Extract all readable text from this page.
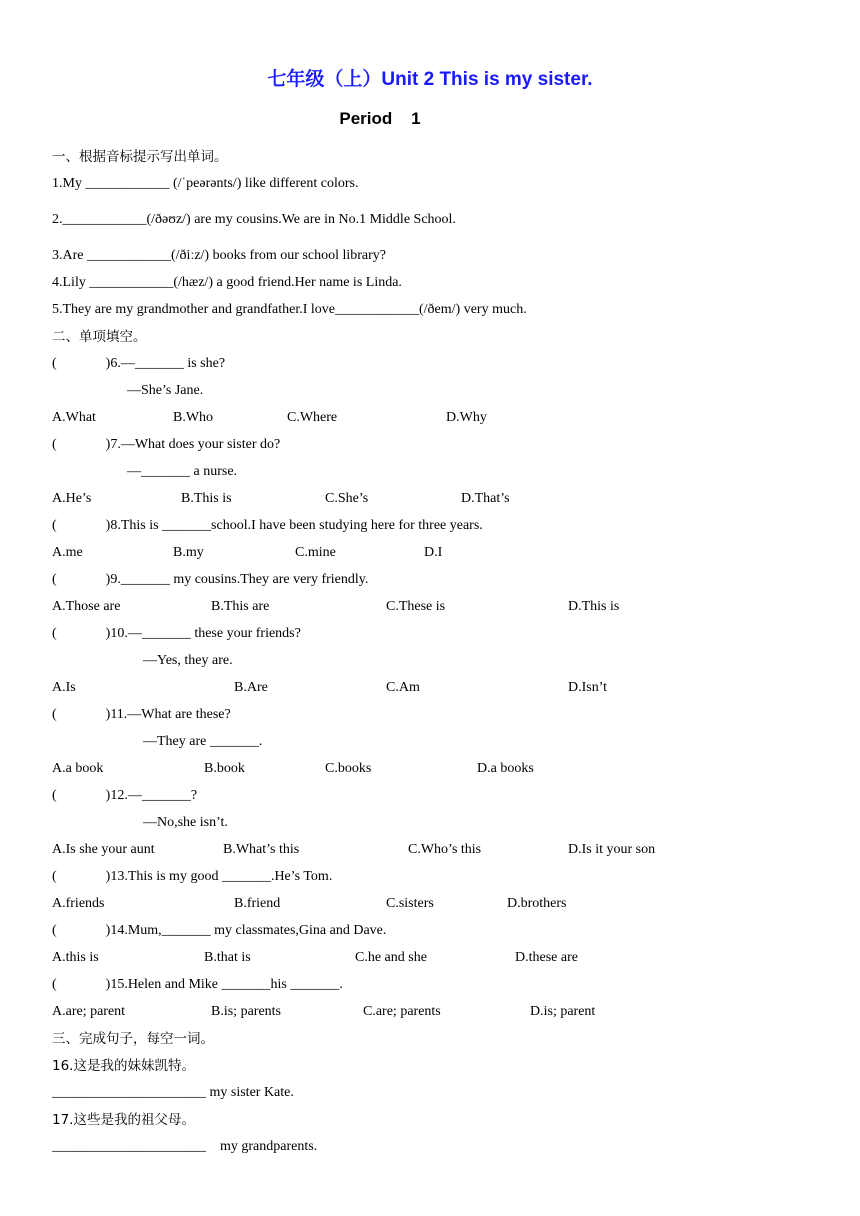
七年级（上）Unit 2 This is my sister.
Period    1
一、根据音标提示写出单词。
1.My ____________ (/ˈpeərənts/) like different colors.
2.____________(/ðəʊz/) are my cousins.We are in No.1 Middle School.
3.Are ____________(/ðiːz/) books from our school library?
4.Lily ____________(/hæz/) a good friend.Her name is Linda.
5.They are my grandmother and grandfather.I love____________(/ðem/) very much.
二、单项填空。
(              )6.—_______ is she?
—She’s Jane.
A.What	B.Who	C.Where	D.Why
(              )7.—What does your sister do?
—_______ a nurse.
A.He’s	B.This is	C.She’s	D.That’s
(              )8.This is _______school.I have been studying here for three years.
A.me	B.my	C.mine	D.I
(              )9._______ my cousins.They are very friendly.
A.Those are	B.This are	C.These is	D.This is
(              )10.—_______ these your friends?
—Yes, they are.
A.Is	B.Are	C.Am	D.Isn’t
(              )11.—What are these?
—They are _______.
A.a book	B.book	C.books	D.a books
(              )12.—_______?
—No,she isn’t.
A.Is she your aunt	B.What’s this	C.Who’s this	D.Is it your son
(              )13.This is my good _______.He’s Tom.
A.friends	B.friend	C.sisters	D.brothers
(              )14.Mum,_______ my classmates,Gina and Dave.
A.this is	B.that is	C.he and she	D.these are
(              )15.Helen and Mike _______his _______.
A.are; parent	B.is; parents	C.are; parents	D.is; parent
三、完成句子，每空一词。
16.这是我的妹妹凯特。
______________________ my sister Kate.
17.这些是我的祖父母。
______________________    my grandparents.
